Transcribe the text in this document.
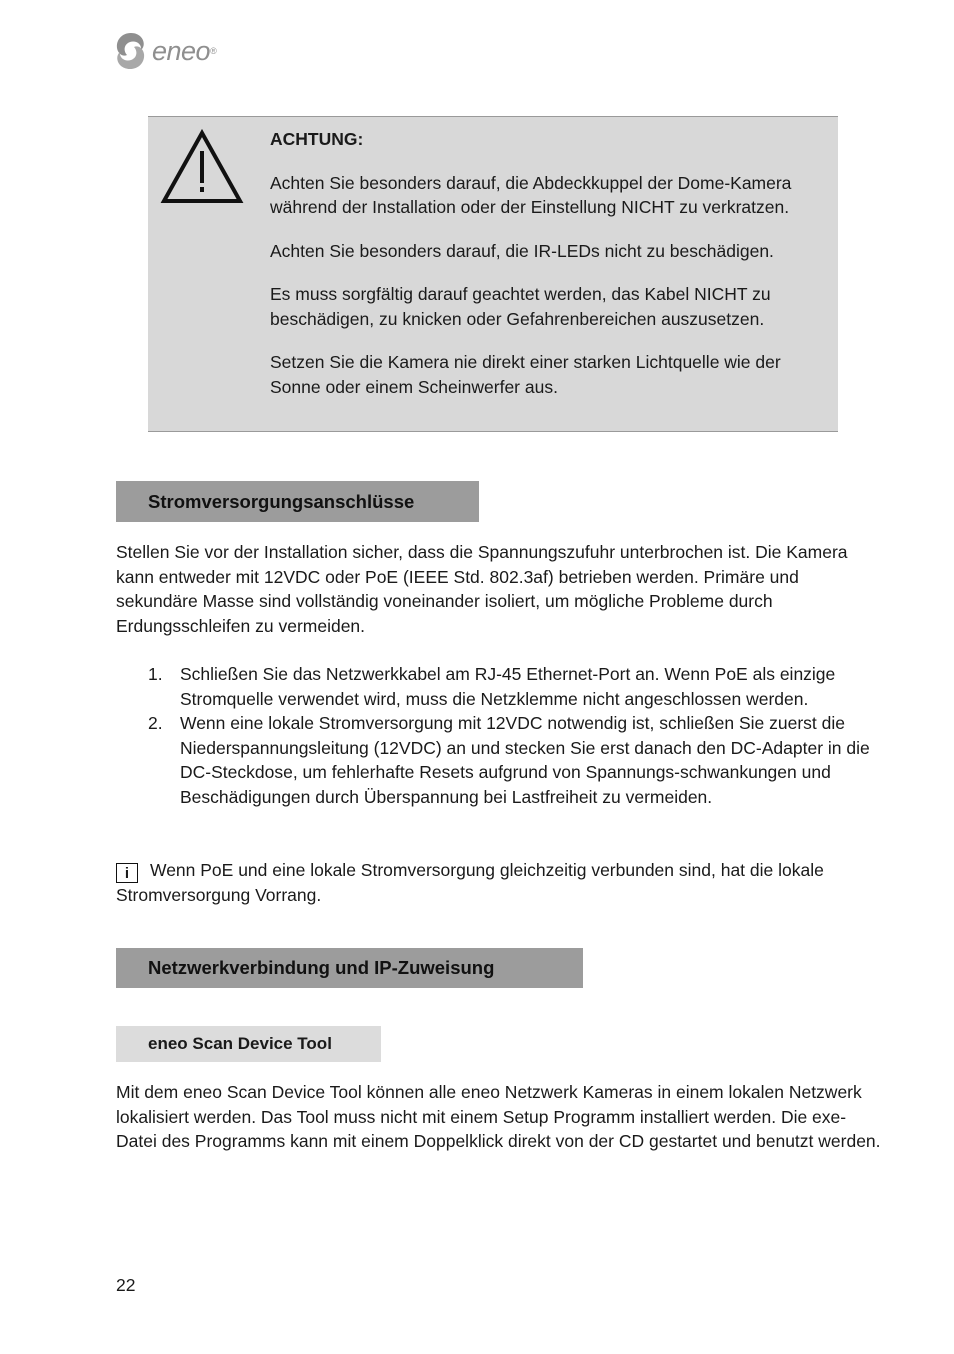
eneo ®

ACHTUNG:

Achten Sie besonders darauf, die Abdeckkuppel der Dome-Kamera während der Installation oder der Einstellung NICHT zu verkratzen.

Achten Sie besonders darauf, die IR-LEDs nicht zu beschädigen.

Es muss sorgfältig darauf geachtet werden, das Kabel NICHT zu beschädigen, zu knicken oder Gefahrenbereichen auszusetzen.

Setzen Sie die Kamera nie direkt einer starken Lichtquelle wie der Sonne oder einem Scheinwerfer aus.

Stromversorgungsanschlüsse

Stellen Sie vor der Installation sicher, dass die Spannungszufuhr unterbrochen ist. Die Kamera kann entweder mit 12VDC oder PoE (IEEE Std. 802.3af) betrieben werden. Primäre und sekundäre Masse sind vollständig voneinander isoliert, um mögliche Probleme durch Erdungsschleifen zu vermeiden.

1. Schließen Sie das Netzwerkkabel am RJ-45 Ethernet-Port an. Wenn PoE als einzige Stromquelle verwendet wird, muss die Netzklemme nicht angeschlossen werden.
2. Wenn eine lokale Stromversorgung mit 12VDC notwendig ist, schließen Sie zuerst die Niederspannungsleitung (12VDC) an und stecken Sie erst danach den DC-Adapter in die DC-Steckdose, um fehlerhafte Resets aufgrund von Spannungs-schwankungen und Beschädigungen durch Überspannung bei Lastfreiheit zu vermeiden.
i Wenn PoE und eine lokale Stromversorgung gleichzeitig verbunden sind, hat die lokale Stromversorgung Vorrang.
Netzwerkverbindung und IP-Zuweisung
eneo Scan Device Tool

Mit dem eneo Scan Device Tool können alle eneo Netzwerk Kameras in einem lokalen Netzwerk lokalisiert werden. Das Tool muss nicht mit einem Setup Programm installiert werden. Die exe-Datei des Programms kann mit einem Doppelklick direkt von der CD gestartet und benutzt werden.

22
